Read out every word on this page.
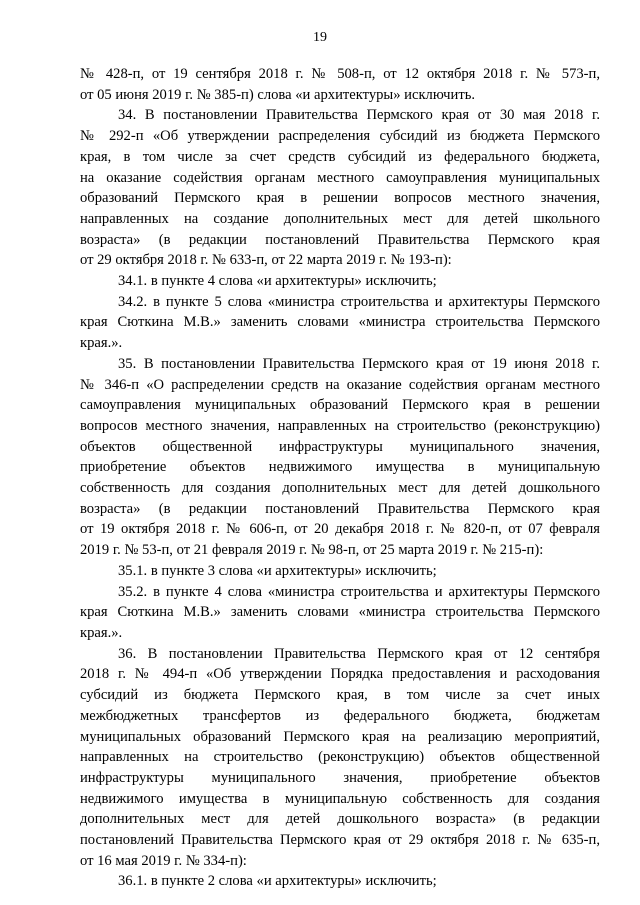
19
№ 428-п, от 19 сентября 2018 г. № 508-п, от 12 октября 2018 г. № 573-п,
от 05 июня 2019 г. № 385-п) слова «и архитектуры» исключить.
34. В постановлении Правительства Пермского края от 30 мая 2018 г.
№ 292-п «Об утверждении распределения субсидий из бюджета Пермского
края, в том числе за счет средств субсидий из федерального бюджета,
на оказание содействия органам местного самоуправления муниципальных
образований Пермского края в решении вопросов местного значения,
направленных на создание дополнительных мест для детей школьного
возраста» (в редакции постановлений Правительства Пермского края
от 29 октября 2018 г. № 633-п, от 22 марта 2019 г. № 193-п):
34.1. в пункте 4 слова «и архитектуры» исключить;
34.2. в пункте 5 слова «министра строительства и архитектуры Пермского
края Сюткина М.В.» заменить словами «министра строительства Пермского
края.».
35. В постановлении Правительства Пермского края от 19 июня 2018 г.
№ 346-п «О распределении средств на оказание содействия органам местного
самоуправления муниципальных образований Пермского края в решении
вопросов местного значения, направленных на строительство (реконструкцию)
объектов общественной инфраструктуры муниципального значения,
приобретение объектов недвижимого имущества в муниципальную
собственность для создания дополнительных мест для детей дошкольного
возраста» (в редакции постановлений Правительства Пермского края
от 19 октября 2018 г. № 606-п, от 20 декабря 2018 г. № 820-п, от 07 февраля
2019 г. № 53-п, от 21 февраля 2019 г. № 98-п, от 25 марта 2019 г. № 215-п):
35.1. в пункте 3 слова «и архитектуры» исключить;
35.2. в пункте 4 слова «министра строительства и архитектуры Пермского
края Сюткина М.В.» заменить словами «министра строительства Пермского
края.».
36. В постановлении Правительства Пермского края от 12 сентября
2018 г. № 494-п «Об утверждении Порядка предоставления и расходования
субсидий из бюджета Пермского края, в том числе за счет иных
межбюджетных трансфертов из федерального бюджета, бюджетам
муниципальных образований Пермского края на реализацию мероприятий,
направленных на строительство (реконструкцию) объектов общественной
инфраструктуры муниципального значения, приобретение объектов
недвижимого имущества в муниципальную собственность для создания
дополнительных мест для детей дошкольного возраста» (в редакции
постановлений Правительства Пермского края от 29 октября 2018 г. № 635-п,
от 16 мая 2019 г. № 334-п):
36.1. в пункте 2 слова «и архитектуры» исключить;
